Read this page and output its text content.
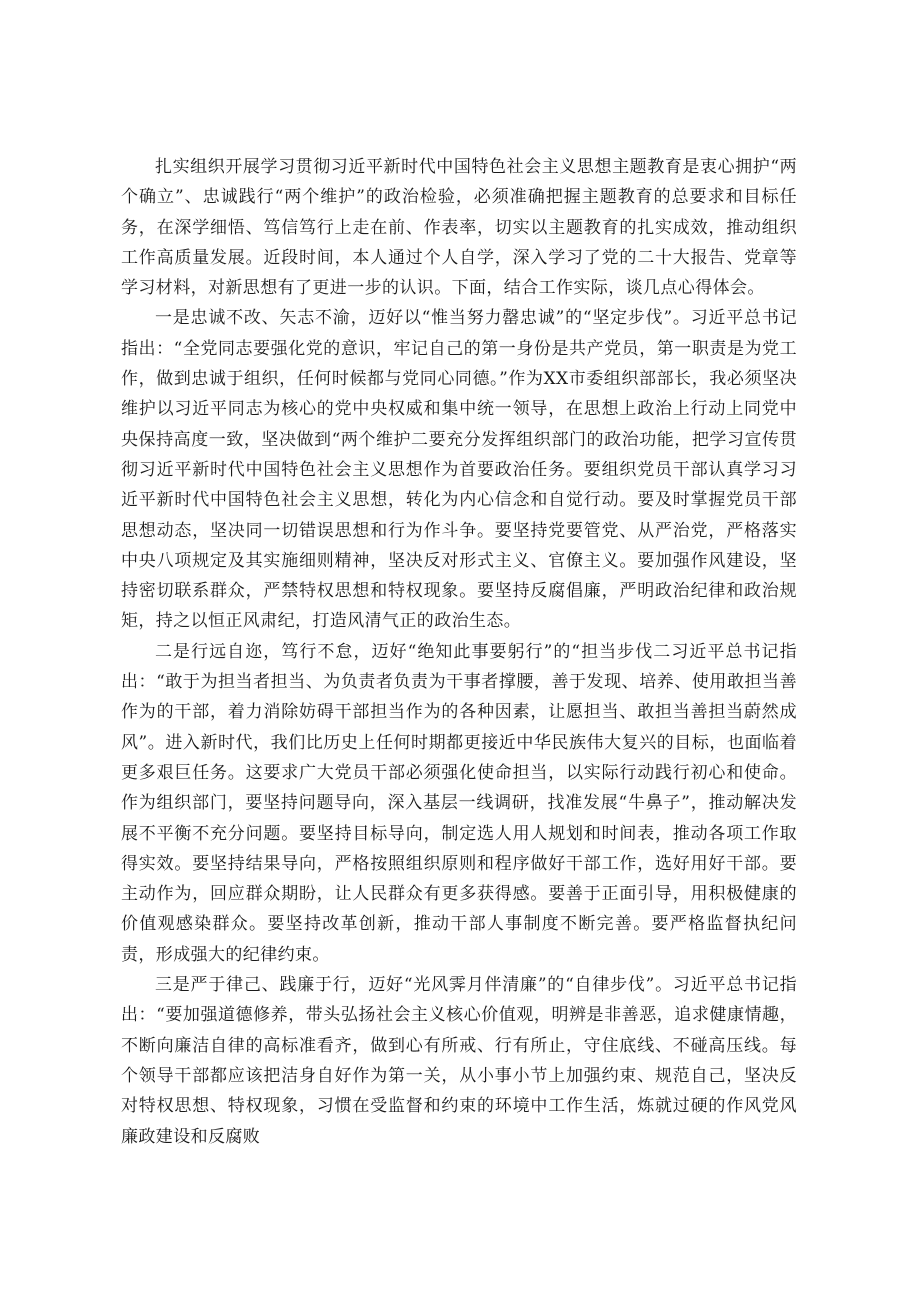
扎实组织开展学习贯彻习近平新时代中国特色社会主义思想主题教育是衷心拥护“两个确立”、忠诚践行“两个维护”的政治检验，必须准确把握主题教育的总要求和目标任务，在深学细悟、笃信笃行上走在前、作表率，切实以主题教育的扎实成效，推动组织工作高质量发展。近段时间，本人通过个人自学，深入学习了党的二十大报告、党章等学习材料，对新思想有了更进一步的认识。下面，结合工作实际，谈几点心得体会。

一是忠诚不改、矢志不渝，迈好以“惟当努力罄忠诚”的“坚定步伐”。习近平总书记指出：“全党同志要强化党的意识，牢记自己的第一身份是共产党员，第一职责是为党工作，做到忠诚于组织，任何时候都与党同心同德。”作为XX市委组织部部长，我必须坚决维护以习近平同志为核心的党中央权威和集中统一领导，在思想上政治上行动上同党中央保持高度一致，坚决做到“两个维护二要充分发挥组织部门的政治功能，把学习宣传贯彻习近平新时代中国特色社会主义思想作为首要政治任务。要组织党员干部认真学习习近平新时代中国特色社会主义思想，转化为内心信念和自觉行动。要及时掌握党员干部思想动态，坚决同一切错误思想和行为作斗争。要坚持党要管党、从严治党，严格落实中央八项规定及其实施细则精神，坚决反对形式主义、官僚主义。要加强作风建设，坚持密切联系群众，严禁特权思想和特权现象。要坚持反腐倡廉，严明政治纪律和政治规矩，持之以恒正风肃纪，打造风清气正的政治生态。

二是行远自迩，笃行不怠，迈好“绝知此事要躬行”的“担当步伐二习近平总书记指出：“敢于为担当者担当、为负责者负责为干事者撑腰，善于发现、培养、使用敢担当善作为的干部，着力消除妨碍干部担当作为的各种因素，让愿担当、敢担当善担当蔚然成风”。进入新时代，我们比历史上任何时期都更接近中华民族伟大复兴的目标，也面临着更多艰巨任务。这要求广大党员干部必须强化使命担当，以实际行动践行初心和使命。作为组织部门，要坚持问题导向，深入基层一线调研，找准发展“牛鼻子”，推动解决发展不平衡不充分问题。要坚持目标导向，制定选人用人规划和时间表，推动各项工作取得实效。要坚持结果导向，严格按照组织原则和程序做好干部工作，选好用好干部。要主动作为，回应群众期盼，让人民群众有更多获得感。要善于正面引导，用积极健康的价值观感染群众。要坚持改革创新，推动干部人事制度不断完善。要严格监督执纪问责，形成强大的纪律约束。

三是严于律己、践廉于行，迈好“光风霁月伴清廉”的“自律步伐”。习近平总书记指出：“要加强道德修养，带头弘扬社会主义核心价值观，明辨是非善恶，追求健康情趣，不断向廉洁自律的高标准看齐，做到心有所戒、行有所止，守住底线、不碰高压线。每个领导干部都应该把洁身自好作为第一关，从小事小节上加强约束、规范自己，坚决反对特权思想、特权现象，习惯在受监督和约束的环境中工作生活，炼就过硬的作风党风廉政建设和反腐败
